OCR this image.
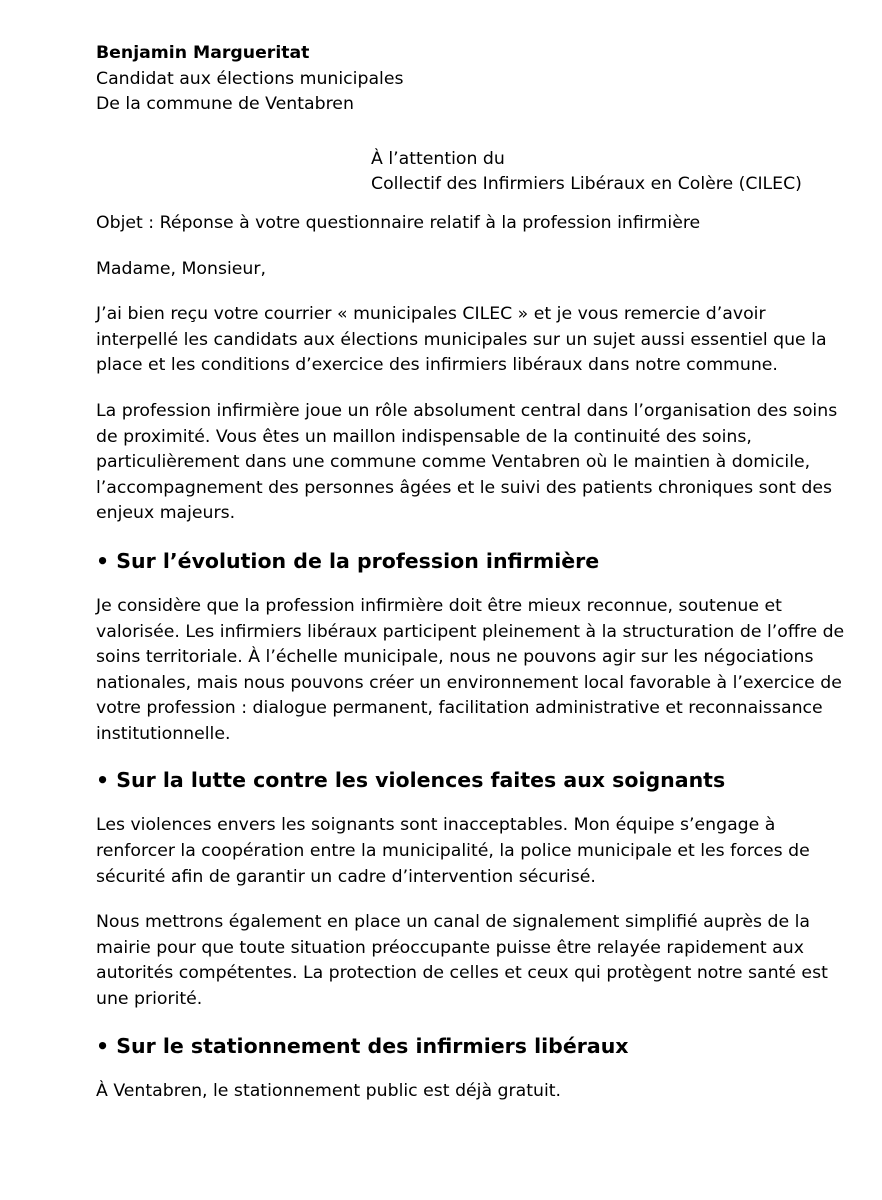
Benjamin Margueritat
Candidat aux élections municipales
De la commune de Ventabren
À l’attention du
Collectif des Infirmiers Libéraux en Colère (CILEC)
Objet : Réponse à votre questionnaire relatif à la profession infirmière
Madame, Monsieur,
J’ai bien reçu votre courrier « municipales CILEC » et je vous remercie d’avoir
interpellé les candidats aux élections municipales sur un sujet aussi essentiel que la
place et les conditions d’exercice des infirmiers libéraux dans notre commune.
La profession infirmière joue un rôle absolument central dans l’organisation des soins
de proximité. Vous êtes un maillon indispensable de la continuité des soins,
particulièrement dans une commune comme Ventabren où le maintien à domicile,
l’accompagnement des personnes âgées et le suivi des patients chroniques sont des
enjeux majeurs.
• Sur l’évolution de la profession infirmière
Je considère que la profession infirmière doit être mieux reconnue, soutenue et
valorisée. Les infirmiers libéraux participent pleinement à la structuration de l’offre de
soins territoriale. À l’échelle municipale, nous ne pouvons agir sur les négociations
nationales, mais nous pouvons créer un environnement local favorable à l’exercice de
votre profession : dialogue permanent, facilitation administrative et reconnaissance
institutionnelle.
• Sur la lutte contre les violences faites aux soignants
Les violences envers les soignants sont inacceptables. Mon équipe s’engage à
renforcer la coopération entre la municipalité, la police municipale et les forces de
sécurité afin de garantir un cadre d’intervention sécurisé.
Nous mettrons également en place un canal de signalement simplifié auprès de la
mairie pour que toute situation préoccupante puisse être relayée rapidement aux
autorités compétentes. La protection de celles et ceux qui protègent notre santé est
une priorité.
• Sur le stationnement des infirmiers libéraux
À Ventabren, le stationnement public est déjà gratuit.
